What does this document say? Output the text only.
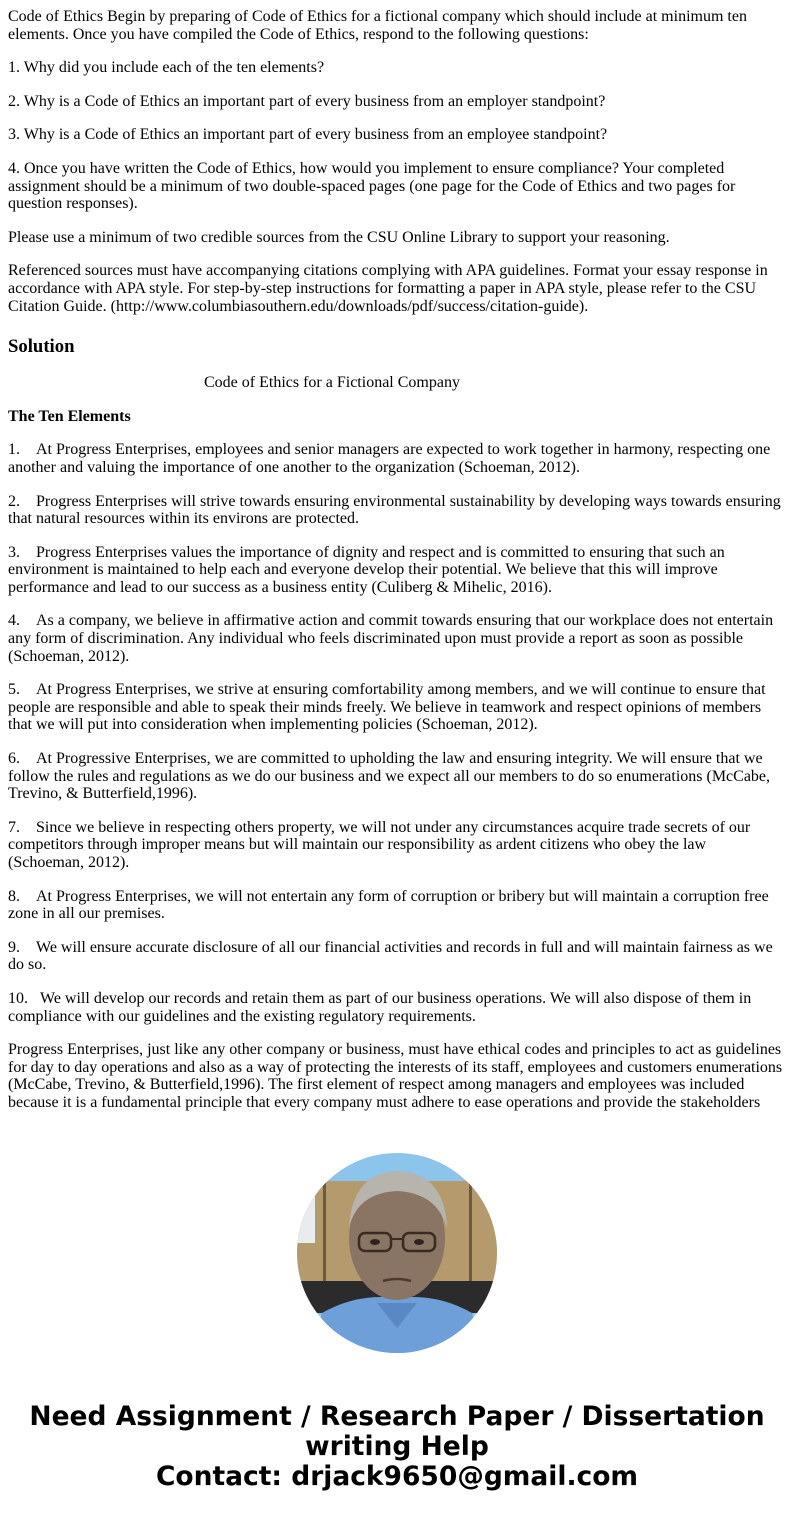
Code of Ethics Begin by preparing of Code of Ethics for a fictional company which should include at minimum ten elements. Once you have compiled the Code of Ethics, respond to the following questions:

1. Why did you include each of the ten elements?

2. Why is a Code of Ethics an important part of every business from an employer standpoint?

3. Why is a Code of Ethics an important part of every business from an employee standpoint?

4. Once you have written the Code of Ethics, how would you implement to ensure compliance? Your completed assignment should be a minimum of two double-spaced pages (one page for the Code of Ethics and two pages for question responses).

Please use a minimum of two credible sources from the CSU Online Library to support your reasoning.

Referenced sources must have accompanying citations complying with APA guidelines. Format your essay response in accordance with APA style. For step-by-step instructions for formatting a paper in APA style, please refer to the CSU Citation Guide. (http://www.columbiasouthern.edu/downloads/pdf/success/citation-guide).

Solution

Code of Ethics for a Fictional Company

The Ten Elements

1. At Progress Enterprises, employees and senior managers are expected to work together in harmony, respecting one another and valuing the importance of one another to the organization (Schoeman, 2012).

2. Progress Enterprises will strive towards ensuring environmental sustainability by developing ways towards ensuring that natural resources within its environs are protected.

3. Progress Enterprises values the importance of dignity and respect and is committed to ensuring that such an environment is maintained to help each and everyone develop their potential. We believe that this will improve performance and lead to our success as a business entity (Culiberg & Mihelic, 2016).

4. As a company, we believe in affirmative action and commit towards ensuring that our workplace does not entertain any form of discrimination. Any individual who feels discriminated upon must provide a report as soon as possible (Schoeman, 2012).

5. At Progress Enterprises, we strive at ensuring comfortability among members, and we will continue to ensure that people are responsible and able to speak their minds freely. We believe in teamwork and respect opinions of members that we will put into consideration when implementing policies (Schoeman, 2012).

6. At Progressive Enterprises, we are committed to upholding the law and ensuring integrity. We will ensure that we follow the rules and regulations as we do our business and we expect all our members to do so enumerations (McCabe, Trevino, & Butterfield,1996).

7. Since we believe in respecting others property, we will not under any circumstances acquire trade secrets of our competitors through improper means but will maintain our responsibility as ardent citizens who obey the law (Schoeman, 2012).

8. At Progress Enterprises, we will not entertain any form of corruption or bribery but will maintain a corruption free zone in all our premises.

9. We will ensure accurate disclosure of all our financial activities and records in full and will maintain fairness as we do so.

10. We will develop our records and retain them as part of our business operations. We will also dispose of them in compliance with our guidelines and the existing regulatory requirements.

Progress Enterprises, just like any other company or business, must have ethical codes and principles to act as guidelines for day to day operations and also as a way of protecting the interests of its staff, employees and customers enumerations (McCabe, Trevino, & Butterfield,1996). The first element of respect among managers and employees was included because it is a fundamental principle that every company must adhere to ease operations and provide the stakeholders

Need Assignment / Research Paper / Dissertation
writing Help
Contact: drjack9650@gmail.com
